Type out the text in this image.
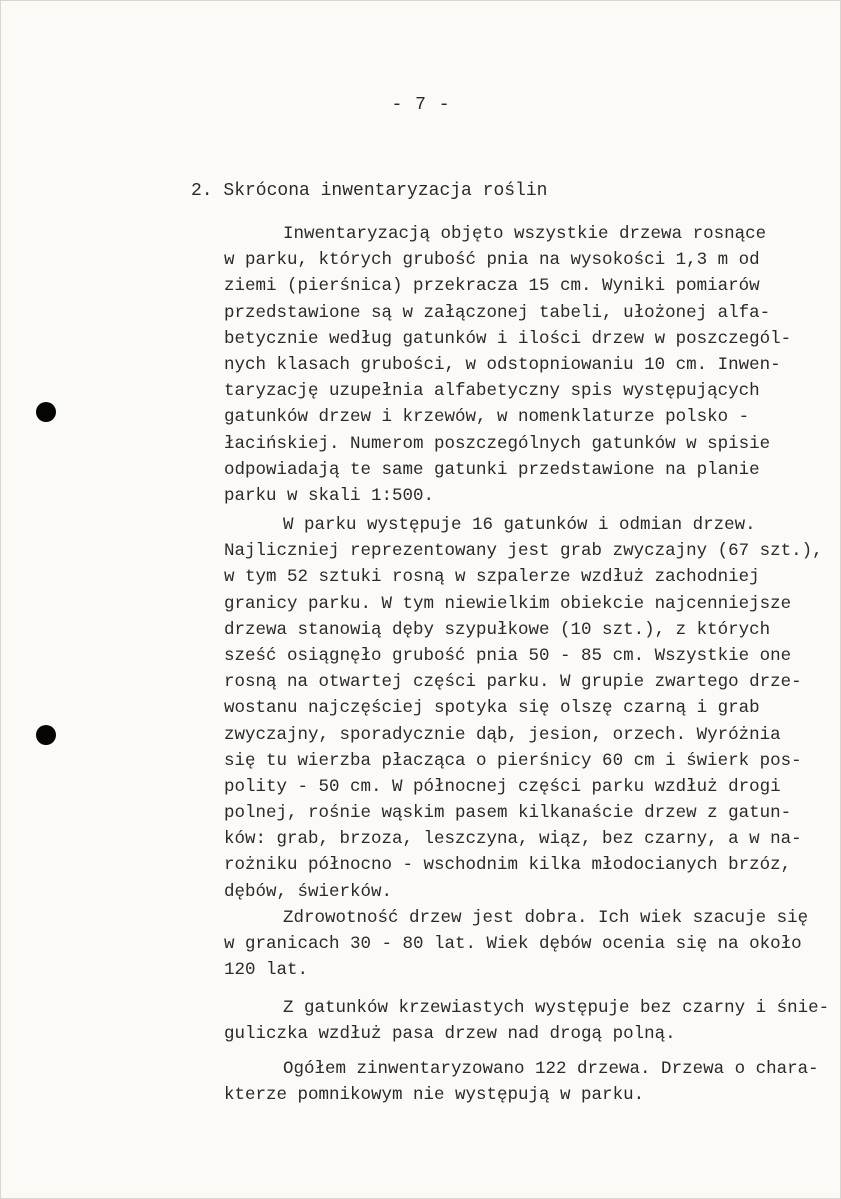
- 7 -
2. Skrócona inwentaryzacja roślin
Inwentaryzacją objęto wszystkie drzewa rosnące
w parku, których grubość pnia na wysokości 1,3 m od
ziemi (pierśnica) przekracza 15 cm. Wyniki pomiarów
przedstawione są w załączonej tabeli, ułożonej alfa-
betycznie według gatunków i ilości drzew w poszczegól-
nych klasach grubości, w odstopniowaniu 10 cm. Inwen-
taryzację uzupełnia alfabetyczny spis występujących
gatunków drzew i krzewów, w nomenklaturze polsko -
łacińskiej. Numerom poszczególnych gatunków w spisie
odpowiadają te same gatunki przedstawione na planie
parku w skali 1:500.
W parku występuje 16 gatunków i odmian drzew.
Najliczniej reprezentowany jest grab zwyczajny (67 szt.),
w tym 52 sztuki rosną w szpalerze wzdłuż zachodniej
granicy parku. W tym niewielkim obiekcie najcenniejsze
drzewa stanowią dęby szypułkowe (10 szt.), z których
sześć osiągnęło grubość pnia 50 - 85 cm. Wszystkie one
rosną na otwartej części parku. W grupie zwartego drze-
wostanu najczęściej spotyka się olszę czarną i grab
zwyczajny, sporadycznie dąb, jesion, orzech. Wyróżnia
się tu wierzba płacząca o pierśnicy 60 cm i świerk pos-
polity - 50 cm. W północnej części parku wzdłuż drogi
polnej, rośnie wąskim pasem kilkanaście drzew z gatun-
ków: grab, brzoza, leszczyna, wiąz, bez czarny, a w na-
rożniku północno - wschodnim kilka młodocianych brzóz,
dębów, świerków.
Zdrowotność drzew jest dobra. Ich wiek szacuje się
w granicach 30 - 80 lat. Wiek dębów ocenia się na około
120 lat.
Z gatunków krzewiastych występuje bez czarny i śnie-
guliczka wzdłuż pasa drzew nad drogą polną.
Ogółem zinwentaryzowano 122 drzewa. Drzewa o chara-
kterze pomnikowym nie występują w parku.
